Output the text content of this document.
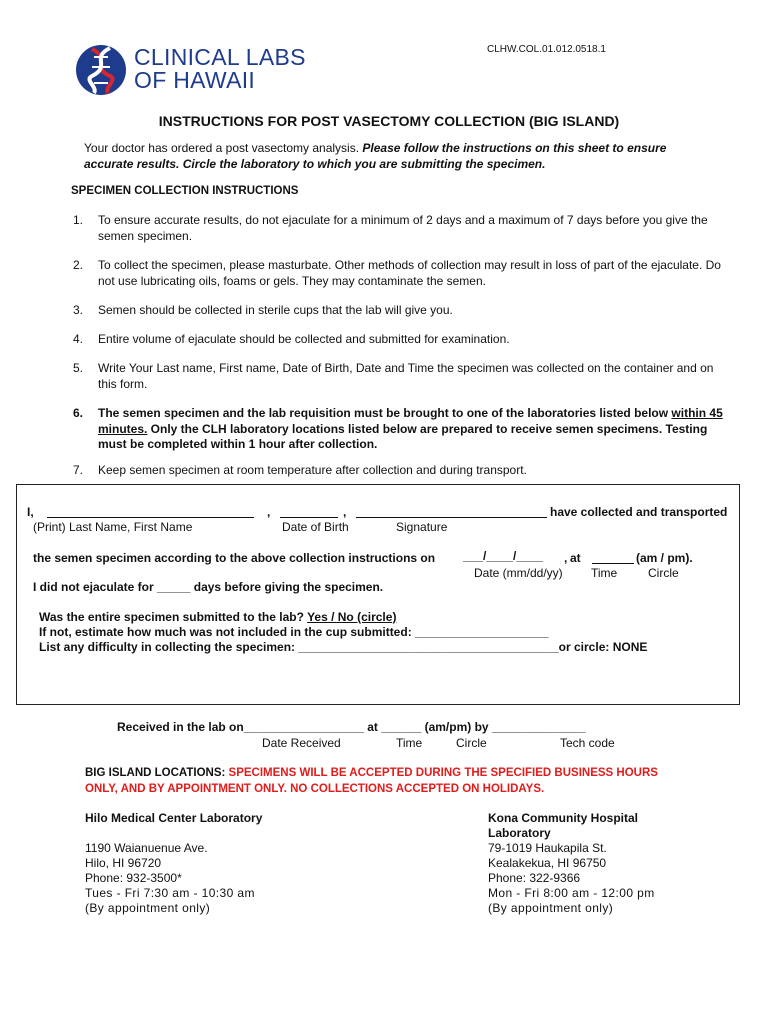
CLHW.COL.01.012.0518.1
CLINICAL LABS
OF HAWAII
INSTRUCTIONS FOR POST VASECTOMY COLLECTION (BIG ISLAND)
Your doctor has ordered a post vasectomy analysis. Please follow the instructions on this sheet to ensure accurate results. Circle the laboratory to which you are submitting the specimen.
SPECIMEN COLLECTION INSTRUCTIONS
1. To ensure accurate results, do not ejaculate for a minimum of 2 days and a maximum of 7 days before you give the semen specimen.
2. To collect the specimen, please masturbate. Other methods of collection may result in loss of part of the ejaculate. Do not use lubricating oils, foams or gels. They may contaminate the semen.
3. Semen should be collected in sterile cups that the lab will give you.
4. Entire volume of ejaculate should be collected and submitted for examination.
5. Write Your Last name, First name, Date of Birth, Date and Time the specimen was collected on the container and on this form.
6. The semen specimen and the lab requisition must be brought to one of the laboratories listed below within 45 minutes. Only the CLH laboratory locations listed below are prepared to receive semen specimens. Testing must be completed within 1 hour after collection.
7. Keep semen specimen at room temperature after collection and during transport.
I,	,	,	have collected and transported
(Print) Last Name, First Name	Date of Birth	Signature
the semen specimen according to the above collection instructions on ___/____/____ , at	(am / pm).
Date (mm/dd/yy) Time	Circle
I did not ejaculate for _____ days before giving the specimen.
Was the entire specimen submitted to the lab? Yes / No (circle)
If not, estimate how much was not included in the cup submitted: ____________________
List any difficulty in collecting the specimen: _______________________________________or circle: NONE
Received in the lab on__________________ at ______ (am/pm) by ______________
Date Received	Time	Circle	Tech code
BIG ISLAND LOCATIONS: SPECIMENS WILL BE ACCEPTED DURING THE SPECIFIED BUSINESS HOURS ONLY, AND BY APPOINTMENT ONLY. NO COLLECTIONS ACCEPTED ON HOLIDAYS.
Hilo Medical Center Laboratory
1190 Waianuenue Ave.
Hilo, HI 96720
Phone: 932-3500*
Tues - Fri 7:30 am - 10:30 am
(By appointment only)
Kona Community Hospital Laboratory
79-1019 Haukapila St.
Kealakekua, HI 96750
Phone: 322-9366
Mon - Fri 8:00 am - 12:00 pm
(By appointment only)
